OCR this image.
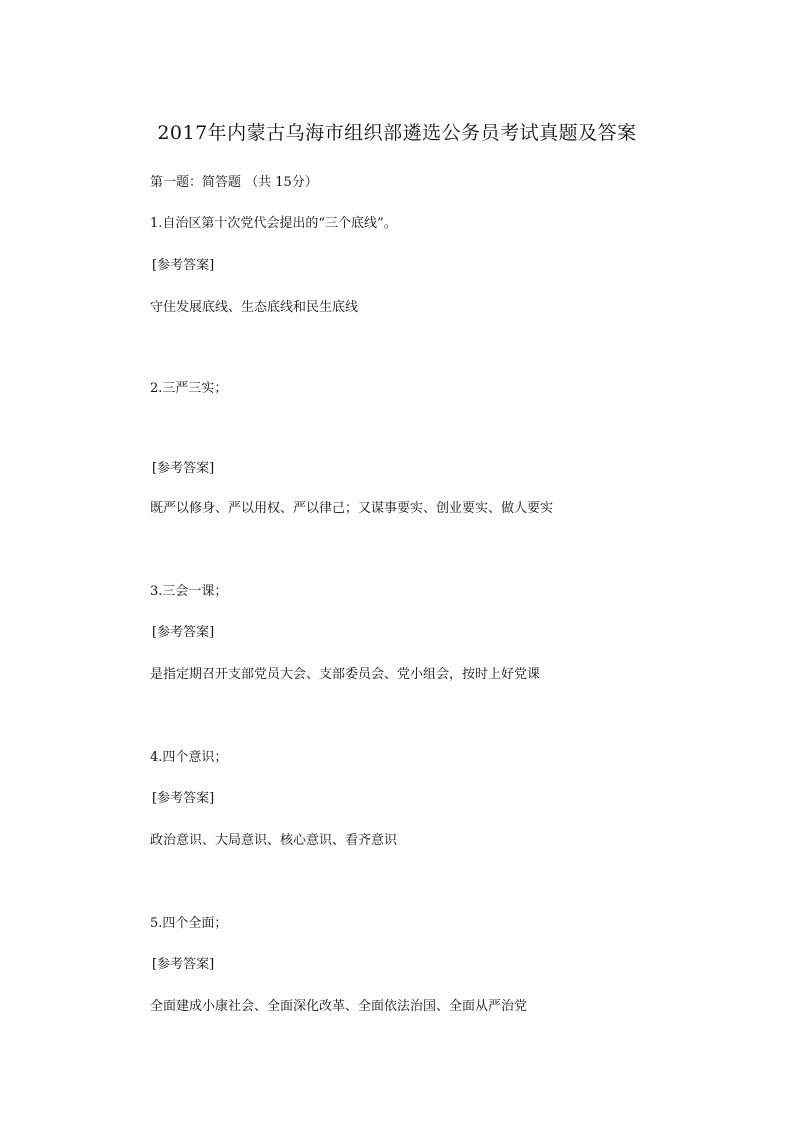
2017年内蒙古乌海市组织部遴选公务员考试真题及答案
第一题：简答题 （共 15分）
1.自治区第十次党代会提出的“三个底线”。
[参考答案]
守住发展底线、生态底线和民生底线
2.三严三实；
[参考答案]
既严以修身、严以用权、严以律己；又谋事要实、创业要实、做人要实
3.三会一课；
[参考答案]
是指定期召开支部党员大会、支部委员会、党小组会，按时上好党课
4.四个意识；
[参考答案]
政治意识、大局意识、核心意识、看齐意识
5.四个全面；
[参考答案]
全面建成小康社会、全面深化改革、全面依法治国、全面从严治党
